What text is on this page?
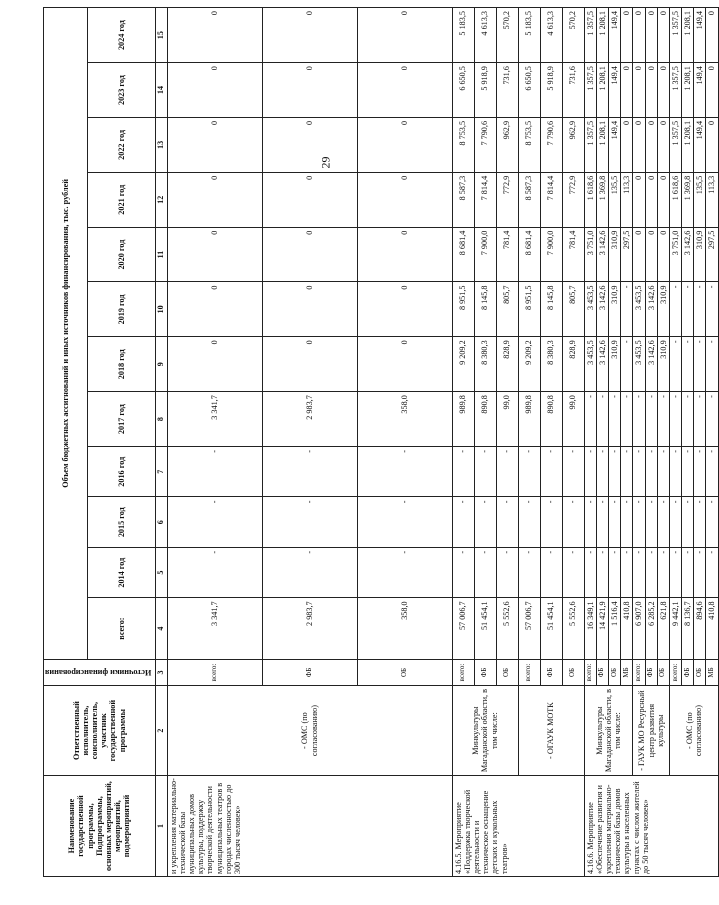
29
Наименование государственной программы, Подпрограммы, основных мероприятий, мероприятий, подмероприятий	Ответственный исполнитель, соисполнитель, участник государственной программы	Источники финансирования	Объем бюджетных ассигнований и иных источников финансирования, тыс. рублей											
			всего:	2014 год	2015 год	2016 год	2017 год	2018 год	2019 год	2020 год	2021 год	2022 год	2023 год	2024 год
1	2	3	4	5	6	7	8	9	10	11	12	13	14	15
и укрепления материально-технической базы муниципальных домов культуры, поддержку творческой деятельности муниципальных театров в городах численностью до 300 тысяч человек»	- ОМС (по согласованию)	всего:	3 341,7	-	-	-	3 341,7	0	0	0	0	0	0	0
		ФБ	2 983,7	-	-	-	2 983,7	0	0	0	0	0	0	0
		ОБ	358,0	-	-	-	358,0	0	0	0	0	0	0	0
4.16.5. Мероприятие «Поддержка творческой деятельности и техническое оснащение детских и кукольных театров»	Минкультуры Магаданской области, в том числе:	всего:	57 006,7	-	-	-	989,8	9 209,2	8 951,5	8 681,4	8 587,3	8 753,5	6 650,5	5 183,5
		ФБ	51 454,1	-	-	-	890,8	8 380,3	8 145,8	7 900,0	7 814,4	7 790,6	5 918,9	4 613,3
		ОБ	5 552,6	-	-	-	99,0	828,9	805,7	781,4	772,9	962,9	731,6	570,2
	- ОГАУК МОТК	всего:	57 006,7	-	-	-	989,8	9 209,2	8 951,5	8 681,4	8 587,3	8 753,5	6 650,5	5 183,5
		ФБ	51 454,1	-	-	-	890,8	8 380,3	8 145,8	7 900,0	7 814,4	7 790,6	5 918,9	4 613,3
		ОБ	5 552,6	-	-	-	99,0	828,9	805,7	781,4	772,9	962,9	731,6	570,2
4.16.6. Мероприятие «Обеспечение развития и укрепления материально-технической базы домов культуры в населенных пунктах с числом жителей до 50 тысяч человек»	Минкультуры Магаданской области, в том числе:	всего:	16 349,1	-	-	-	-	3 453,5	3 453,5	3 751,0	1 618,6	1 357,5	1 357,5	1 357,5
		ФБ	14 421,9	-	-	-	-	3 142,6	3 142,6	3 142,6	1 369,8	1 208,1	1 208,1	1 208,1
		ОБ	1 516,4	-	-	-	-	310,9	310,9	310,9	135,5	149,4	149,4	149,4
		МБ	410,8	-	-	-	-	-	-	297,5	113,3	0	0	0
	- ГАУК МО Ресурсный центр развития культуры	всего:	6 907,0	-	-	-	-	3 453,5	3 453,5	0	0	0	0	0
		ФБ	6 285,2	-	-	-	-	3 142,6	3 142,6	0	0	0	0	0
		ОБ	621,8	-	-	-	-	310,9	310,9	0	0	0	0	0
	- ОМС (по согласованию)	всего:	9 442,1	-	-	-	-	-	-	3 751,0	1 618,6	1 357,5	1 357,5	1 357,5
		ФБ	8 136,7	-	-	-	-	-	-	3 142,6	1 369,8	1 208,1	1 208,1	1 208,1
		ОБ	894,6	-	-	-	-	-	-	310,9	135,5	149,4	149,4	149,4
		МБ	410,8	-	-	-	-	-	-	297,5	113,3	0	0	0
